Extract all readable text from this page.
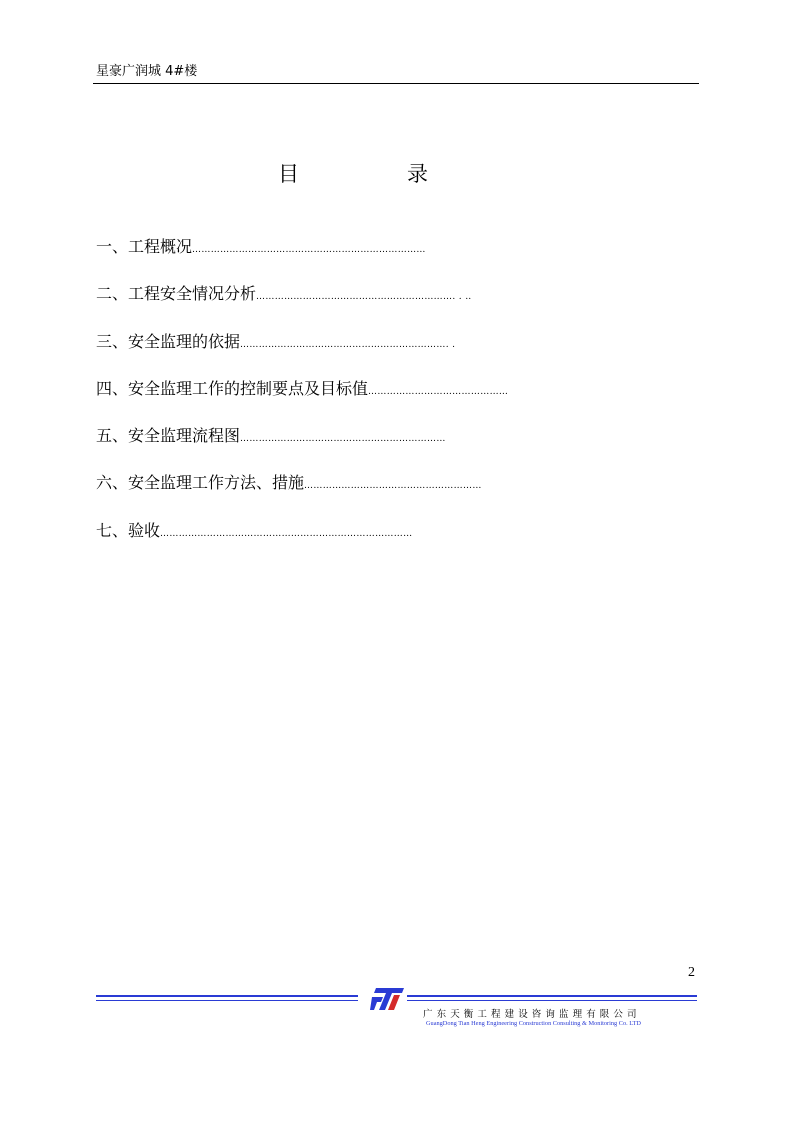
星豪广润城 4#楼
目	录
一、工程概况…………………………………………………………………
二、工程安全情况分析………………………………………………………. . ‥
三、安全监理的依据…………………………………………………………. .
四、安全监理工作的控制要点及目标值………………………………………
五、安全监理流程图…………………………………………………………
六、安全监理工作方法、措施…………………………………………………
七、验收………………………………………………………………………
2
广东天衡工程建设咨询监理有限公司
GuangDong Tian Heng Engineering Construction Consulting & Monitoring Co. LTD
